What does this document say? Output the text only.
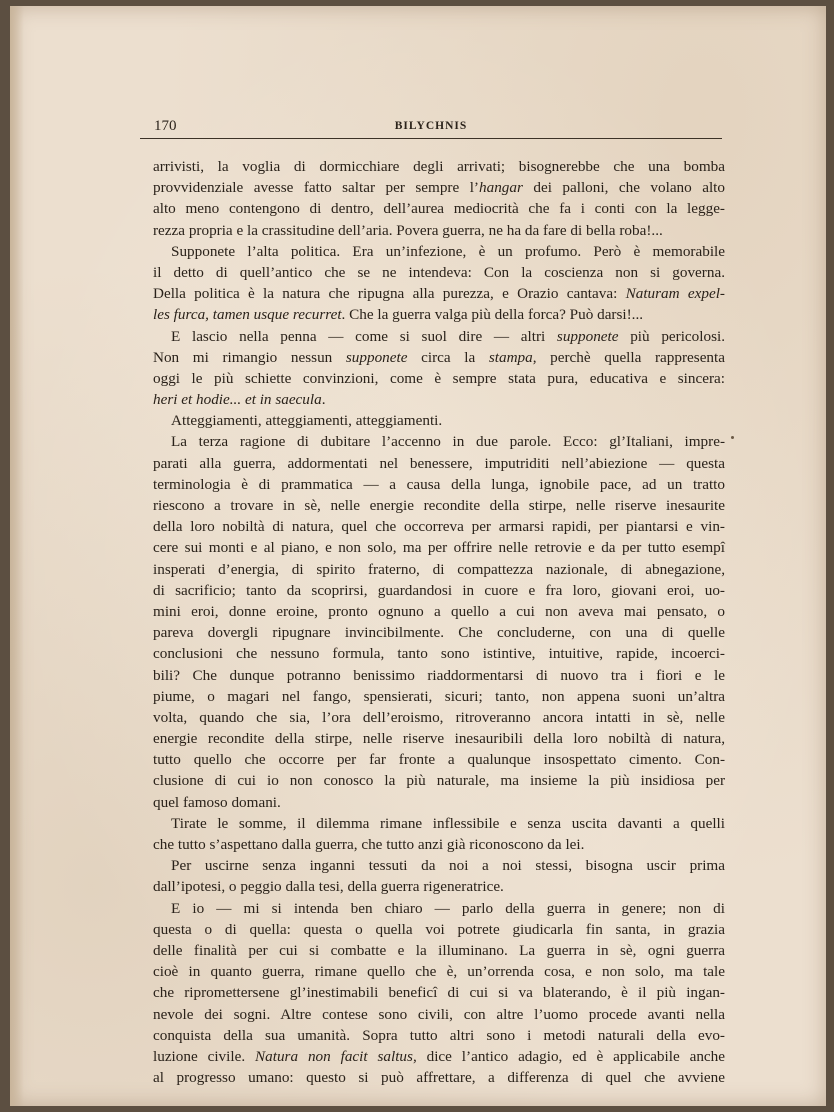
170	BILYCHNIS
arrivisti, la voglia di dormicchiare degli arrivati; bisognerebbe che una bomba
provvidenziale avesse fatto saltar per sempre l’hangar dei palloni, che volano alto
alto meno contengono di dentro, dell’aurea mediocrità che fa i conti con la legge-
rezza propria e la crassitudine dell’aria. Povera guerra, ne ha da fare di bella roba!...
Supponete l’alta politica. Era un’infezione, è un profumo. Però è memorabile
il detto di quell’antico che se ne intendeva: Con la coscienza non si governa.
Della politica è la natura che ripugna alla purezza, e Orazio cantava: Naturam expel-
les furca, tamen usque recurret. Che la guerra valga più della forca? Può darsi!...
E lascio nella penna — come si suol dire — altri supponete più pericolosi.
Non mi rimangio nessun supponete circa la stampa, perchè quella rappresenta
oggi le più schiette convinzioni, come è sempre stata pura, educativa e sincera:
heri et hodie... et in saecula.
Atteggiamenti, atteggiamenti, atteggiamenti.
La terza ragione di dubitare l’accenno in due parole. Ecco: gl’Italiani, impre-
parati alla guerra, addormentati nel benessere, imputriditi nell’abiezione — questa
terminologia è di prammatica — a causa della lunga, ignobile pace, ad un tratto
riescono a trovare in sè, nelle energie recondite della stirpe, nelle riserve inesaurite
della loro nobiltà di natura, quel che occorreva per armarsi rapidi, per piantarsi e vin-
cere sui monti e al piano, e non solo, ma per offrire nelle retrovie e da per tutto esempî
insperati d’energia, di spirito fraterno, di compattezza nazionale, di abnegazione,
di sacrificio; tanto da scoprirsi, guardandosi in cuore e fra loro, giovani eroi, uo-
mini eroi, donne eroine, pronto ognuno a quello a cui non aveva mai pensato, o
pareva dovergli ripugnare invincibilmente. Che concluderne, con una di quelle
conclusioni che nessuno formula, tanto sono istintive, intuitive, rapide, incoerci-
bili? Che dunque potranno benissimo riaddormentarsi di nuovo tra i fiori e le
piume, o magari nel fango, spensierati, sicuri; tanto, non appena suoni un’altra
volta, quando che sia, l’ora dell’eroismo, ritroveranno ancora intatti in sè, nelle
energie recondite della stirpe, nelle riserve inesauribili della loro nobiltà di natura,
tutto quello che occorre per far fronte a qualunque insospettato cimento. Con-
clusione di cui io non conosco la più naturale, ma insieme la più insidiosa per
quel famoso domani.
Tirate le somme, il dilemma rimane inflessibile e senza uscita davanti a quelli
che tutto s’aspettano dalla guerra, che tutto anzi già riconoscono da lei.
Per uscirne senza inganni tessuti da noi a noi stessi, bisogna uscir prima
dall’ipotesi, o peggio dalla tesi, della guerra rigeneratrice.
E io — mi si intenda ben chiaro — parlo della guerra in genere; non di
questa o di quella: questa o quella voi potrete giudicarla fin santa, in grazia
delle finalità per cui si combatte e la illuminano. La guerra in sè, ogni guerra
cioè in quanto guerra, rimane quello che è, un’orrenda cosa, e non solo, ma tale
che ripromettersene gl’inestimabili beneficî di cui si va blaterando, è il più ingan-
nevole dei sogni. Altre contese sono civili, con altre l’uomo procede avanti nella
conquista della sua umanità. Sopra tutto altri sono i metodi naturali della evo-
luzione civile. Natura non facit saltus, dice l’antico adagio, ed è applicabile anche
al progresso umano: questo si può affrettare, a differenza di quel che avviene
